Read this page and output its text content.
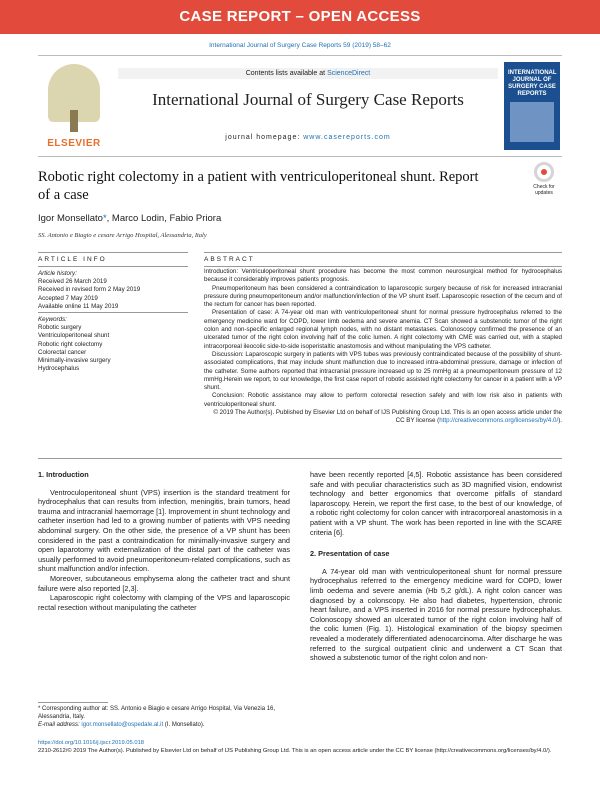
CASE REPORT – OPEN ACCESS
International Journal of Surgery Case Reports 59 (2019) 58–62
ELSEVIER
Contents lists available at ScienceDirect
International Journal of Surgery Case Reports
journal homepage: www.casereports.com
INTERNATIONAL JOURNAL OF SURGERY CASE REPORTS
Robotic right colectomy in a patient with ventriculoperitoneal shunt. Report of a case	Check for updates
Igor Monsellato*, Marco Lodin, Fabio Priora
SS. Antonio e Biagio e cesare Arrigo Hospital, Alessandria, Italy
ARTICLE INFO	ABSTRACT
Article history:
Received 26 March 2019
Received in revised form 2 May 2019
Accepted 7 May 2019
Available online 11 May 2019
Keywords:
Robotic surgery
Ventriculoperitoneal shunt
Robotic right colectomy
Colorectal cancer
Minimally-invasive surgery
Hydrocephalus

Introduction: Ventriculoperitoneal shunt procedure has become the most common neurosurgical method for hydrocephalus because it considerably improves patients prognosis.

Pneumoperitoneum has been considered a contraindication to laparoscopic surgery because of risk for increased intracranial pressure during pneumoperitoneum and/or malfunction/infection of the VP shunt itself. Laparoscopic resection of the cecum and of the rectum for cancer has been reported.

Presentation of case: A 74-year old man with ventriculoperitoneal shunt for normal pressure hydrocephalus referred to the emergency medicine ward for COPD, lower limb oedema and severe anemia. CT Scan showed a substenotic tumor of the right colon and non-specific enlarged regional lymph nodes, with no distant metastases. Colonoscopy confirmed the presence of an ulcerated tumor of the right colon involving half of the colic lumen. A right colectomy with CME was carried out, with a stapled intracorporeal ileocolic side-to-side isoperistaltic anastomosis and without manipulating the VPS catheter.

Discussion: Laparoscopic surgery in patients with VPS tubes was previously contraindicated because of the possibility of shunt-associated complications, that may include shunt malfunction due to increased intra-abdominal pressure, damage or infection of the catheter. Some authors reported that intracranial pressure increased up to 25 mmHg at a pneumoperitoneum pressure of 12 mmHg.Herein we report, to our knowledge, the first case report of robotic assisted right colectomy for cancer in a patient with a VP shunt.

Conclusion: Robotic assistance may allow to perform colorectal resection safely and with low risk also in patients with ventriculoperitoneal shunt.

© 2019 The Author(s). Published by Elsevier Ltd on behalf of IJS Publishing Group Ltd. This is an open access article under the CC BY license (http://creativecommons.org/licenses/by/4.0/).

1. Introduction

Ventroculoperitoneal shunt (VPS) insertion is the standard treatment for hydrocephalus that can results from infection, meningitis, brain tumors, head trauma and intracranial haemorrage [1]. Improvement in shunt technology and catheter insertion had led to a growing number of patients with VPS needing abdominal surgery. On the other side, the presence of a VP shunt has been considered in the past a contraindication for minimally-invasive surgery and open laparotomy with externalization of the distal part of the catheter was usually performed to avoid pneumoperitoneum-related complications, such as shunt malfunction and/or infection.

Moreover, subcutaneous emphysema along the catheter tract and shunt failure were also reported [2,3].

Laparoscopic right colectomy with clamping of the VPS and laparoscopic rectal resection without manipulating the catheter

have been recently reported [4,5]. Robotic assistance has been considered safe and with peculiar characteristics such as 3D magnified vision, endowrist technology and better ergonomics that overcome pitfalls of standard laparoscopy. Herein, we report the first case, to the best of our knowledge, of a robotic right colectomy for colon cancer with intracorporeal anastomosis in a patient with a VP shunt. The work has been reported in line with the SCARE criteria [6].

2. Presentation of case

A 74-year old man with ventriculoperitoneal shunt for normal pressure hydrocephalus referred to the emergency medicine ward for COPD, lower limb oedema and severe anemia (Hb 5,2 g/dL). A right colon cancer was diagnosed by a colonscopy. He also had diabetes, hypertension, chronic heart failure, and a VPS inserted in 2016 for normal pressure hydrocephalus. Colonoscopy showed an ulcerated tumor of the right colon involving half of the colic lumen (Fig. 1). Histological examination of the biopsy specimen revealed a moderately differentiated adenocarcinoma. After discharge he was referred to the surgical outpatient clinic and underwent a CT Scan that showed a substenotic tumor of the right colon and non-

* Corresponding author at: SS. Antonio e Biagio e cesare Arrigo Hospital, Via Venezia 16, Alessandria, Italy.

E-mail address: igor.monsellato@ospedale.al.it (I. Monsellato).

https://doi.org/10.1016/j.ijscr.2019.05.018

2210-2612/© 2019 The Author(s). Published by Elsevier Ltd on behalf of IJS Publishing Group Ltd. This is an open access article under the CC BY license (http://creativecommons.org/licenses/by/4.0/).
